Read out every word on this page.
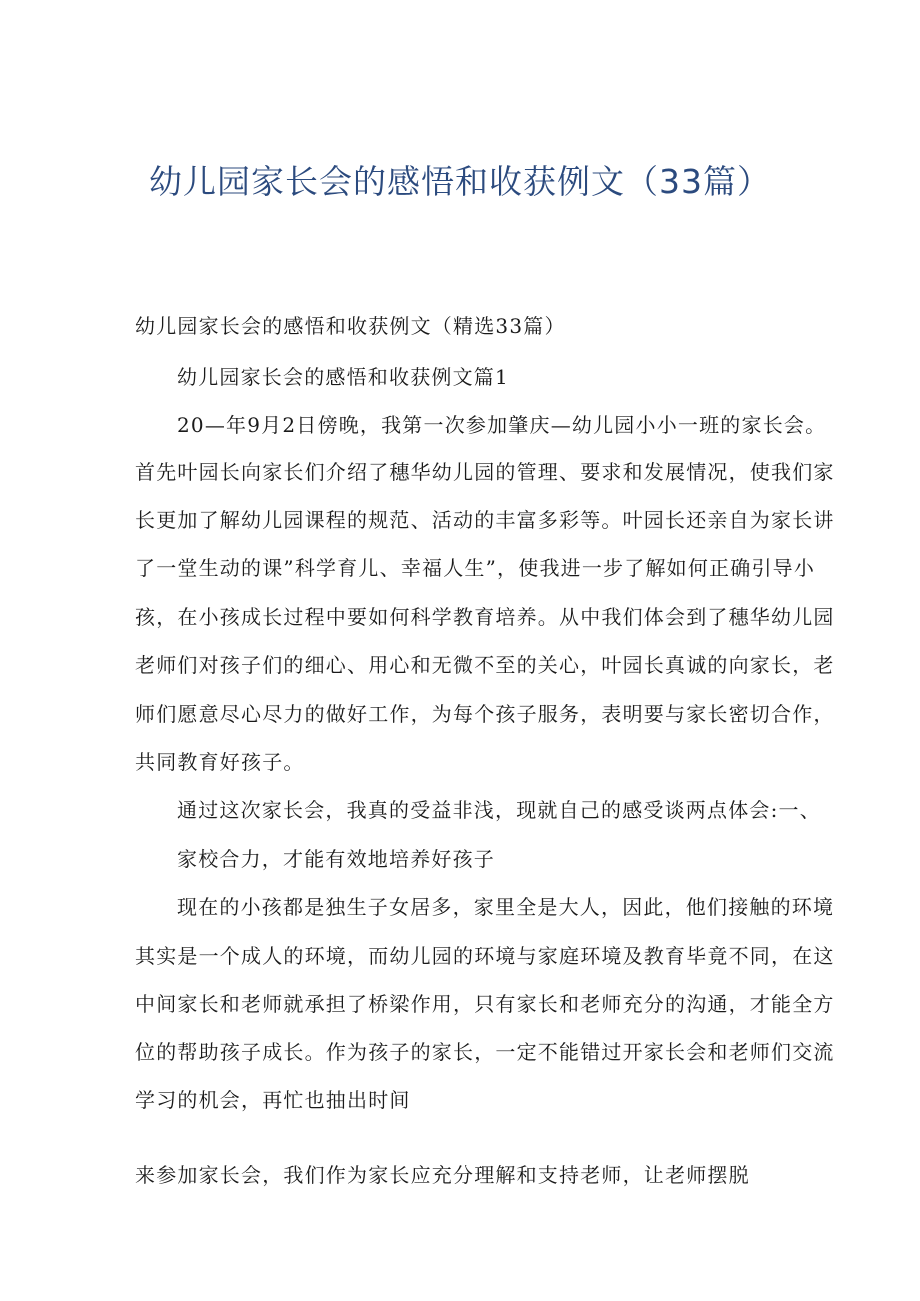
幼儿园家长会的感悟和收获例文（33篇）
幼儿园家长会的感悟和收获例文（精选33篇）
幼儿园家长会的感悟和收获例文篇1
20—年9月2日傍晚，我第一次参加肇庆—幼儿园小小一班的家长会。
首先叶园长向家长们介绍了穗华幼儿园的管理、要求和发展情况，使我们家
长更加了解幼儿园课程的规范、活动的丰富多彩等。叶园长还亲自为家长讲
了一堂生动的课”科学育儿、幸福人生”，使我进一步了解如何正确引导小
孩，在小孩成长过程中要如何科学教育培养。从中我们体会到了穗华幼儿园
老师们对孩子们的细心、用心和无微不至的关心，叶园长真诚的向家长，老
师们愿意尽心尽力的做好工作，为每个孩子服务，表明要与家长密切合作，
共同教育好孩子。
通过这次家长会，我真的受益非浅，现就自己的感受谈两点体会:一、
家校合力，才能有效地培养好孩子
现在的小孩都是独生子女居多，家里全是大人，因此，他们接触的环境
其实是一个成人的环境，而幼儿园的环境与家庭环境及教育毕竟不同，在这
中间家长和老师就承担了桥梁作用，只有家长和老师充分的沟通，才能全方
位的帮助孩子成长。作为孩子的家长，一定不能错过开家长会和老师们交流
学习的机会，再忙也抽出时间
来参加家长会，我们作为家长应充分理解和支持老师，让老师摆脱
